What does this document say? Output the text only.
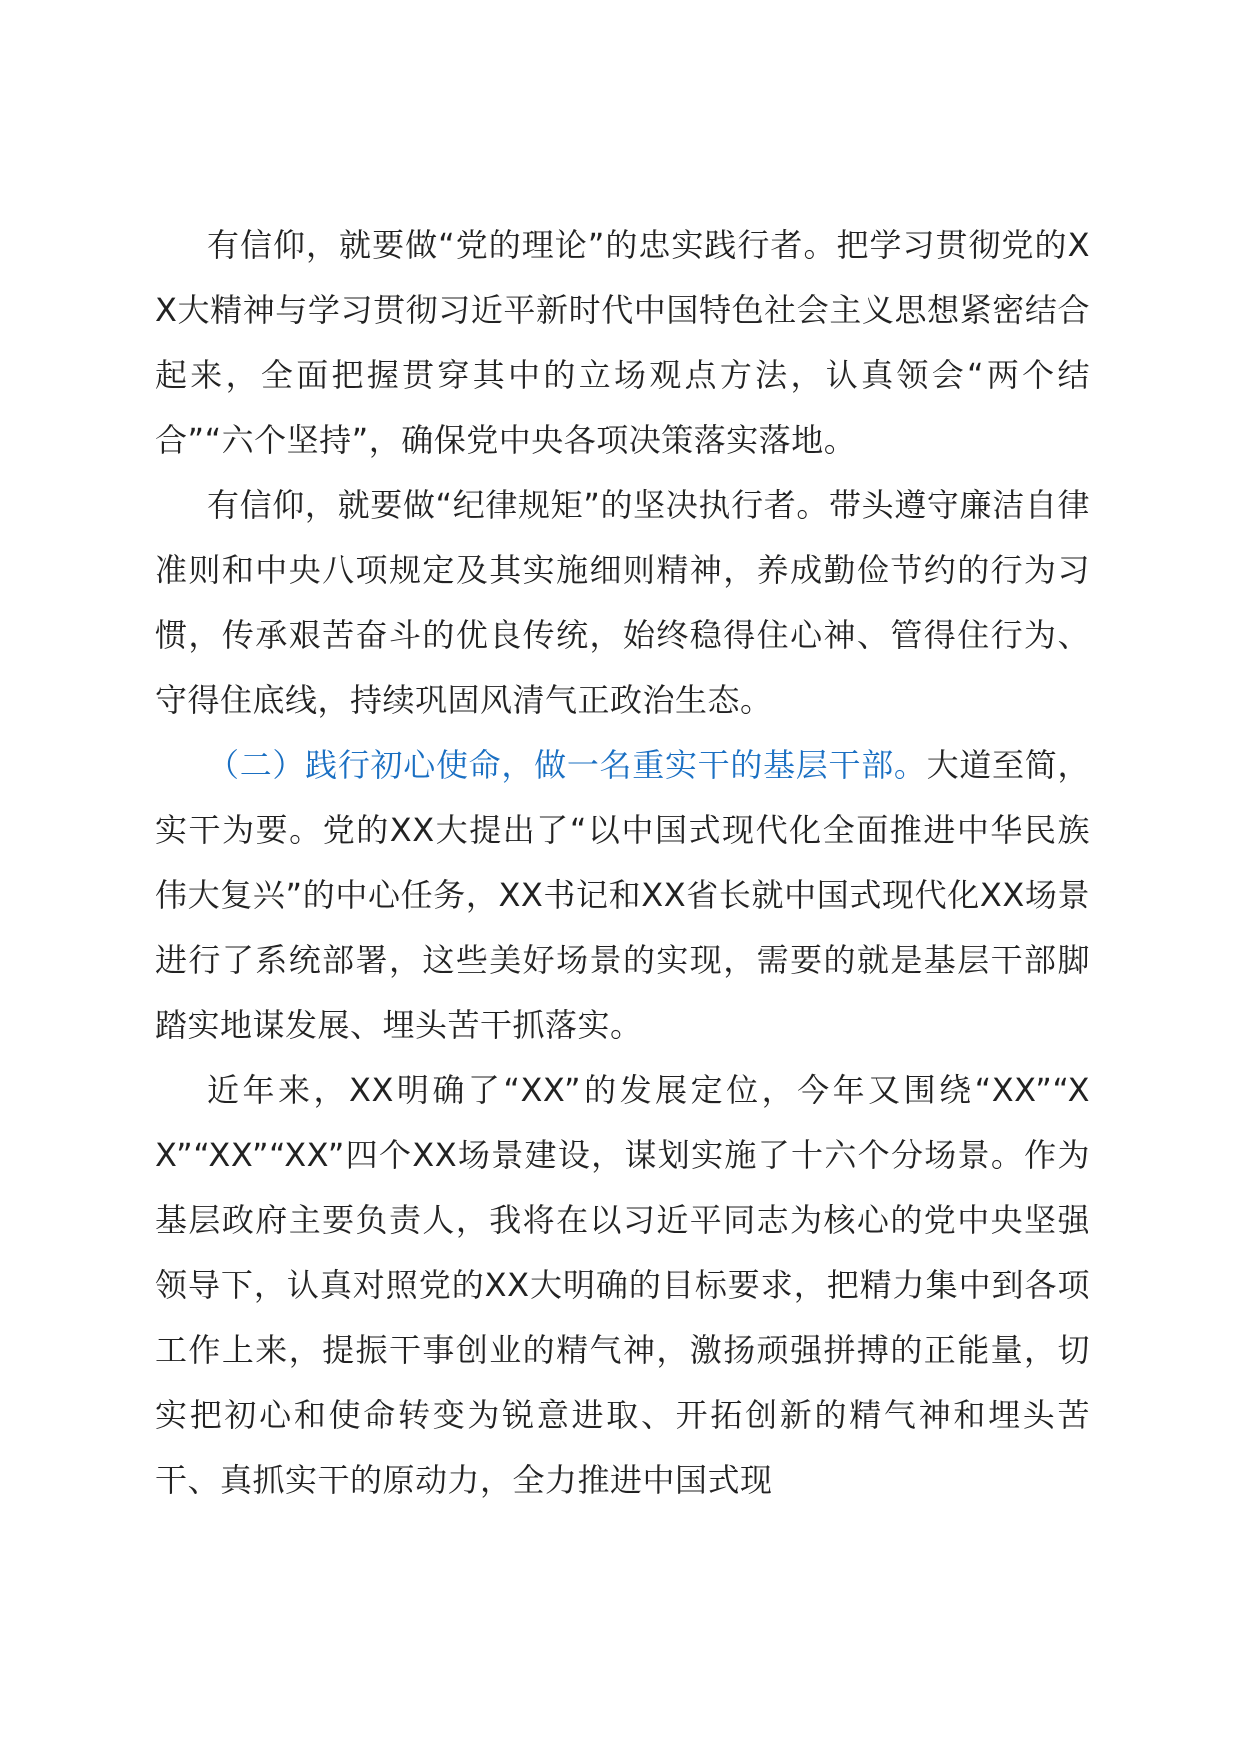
有信仰，就要做“党的理论”的忠实践行者。把学习贯彻党的XX大精神与学习贯彻习近平新时代中国特色社会主义思想紧密结合起来，全面把握贯穿其中的立场观点方法，认真领会“两个结合”“六个坚持”，确保党中央各项决策落实落地。

有信仰，就要做“纪律规矩”的坚决执行者。带头遵守廉洁自律准则和中央八项规定及其实施细则精神，养成勤俭节约的行为习惯，传承艰苦奋斗的优良传统，始终稳得住心神、管得住行为、守得住底线，持续巩固风清气正政治生态。

（二）践行初心使命，做一名重实干的基层干部。大道至简，实干为要。党的XX大提出了“以中国式现代化全面推进中华民族伟大复兴”的中心任务，XX书记和XX省长就中国式现代化XX场景进行了系统部署，这些美好场景的实现，需要的就是基层干部脚踏实地谋发展、埋头苦干抓落实。

近年来，XX明确了“XX”的发展定位，今年又围绕“XX”“XX”“XX”“XX”四个XX场景建设，谋划实施了十六个分场景。作为基层政府主要负责人，我将在以习近平同志为核心的党中央坚强领导下，认真对照党的XX大明确的目标要求，把精力集中到各项工作上来，提振干事创业的精气神，激扬顽强拼搏的正能量，切实把初心和使命转变为锐意进取、开拓创新的精气神和埋头苦干、真抓实干的原动力，全力推进中国式现
